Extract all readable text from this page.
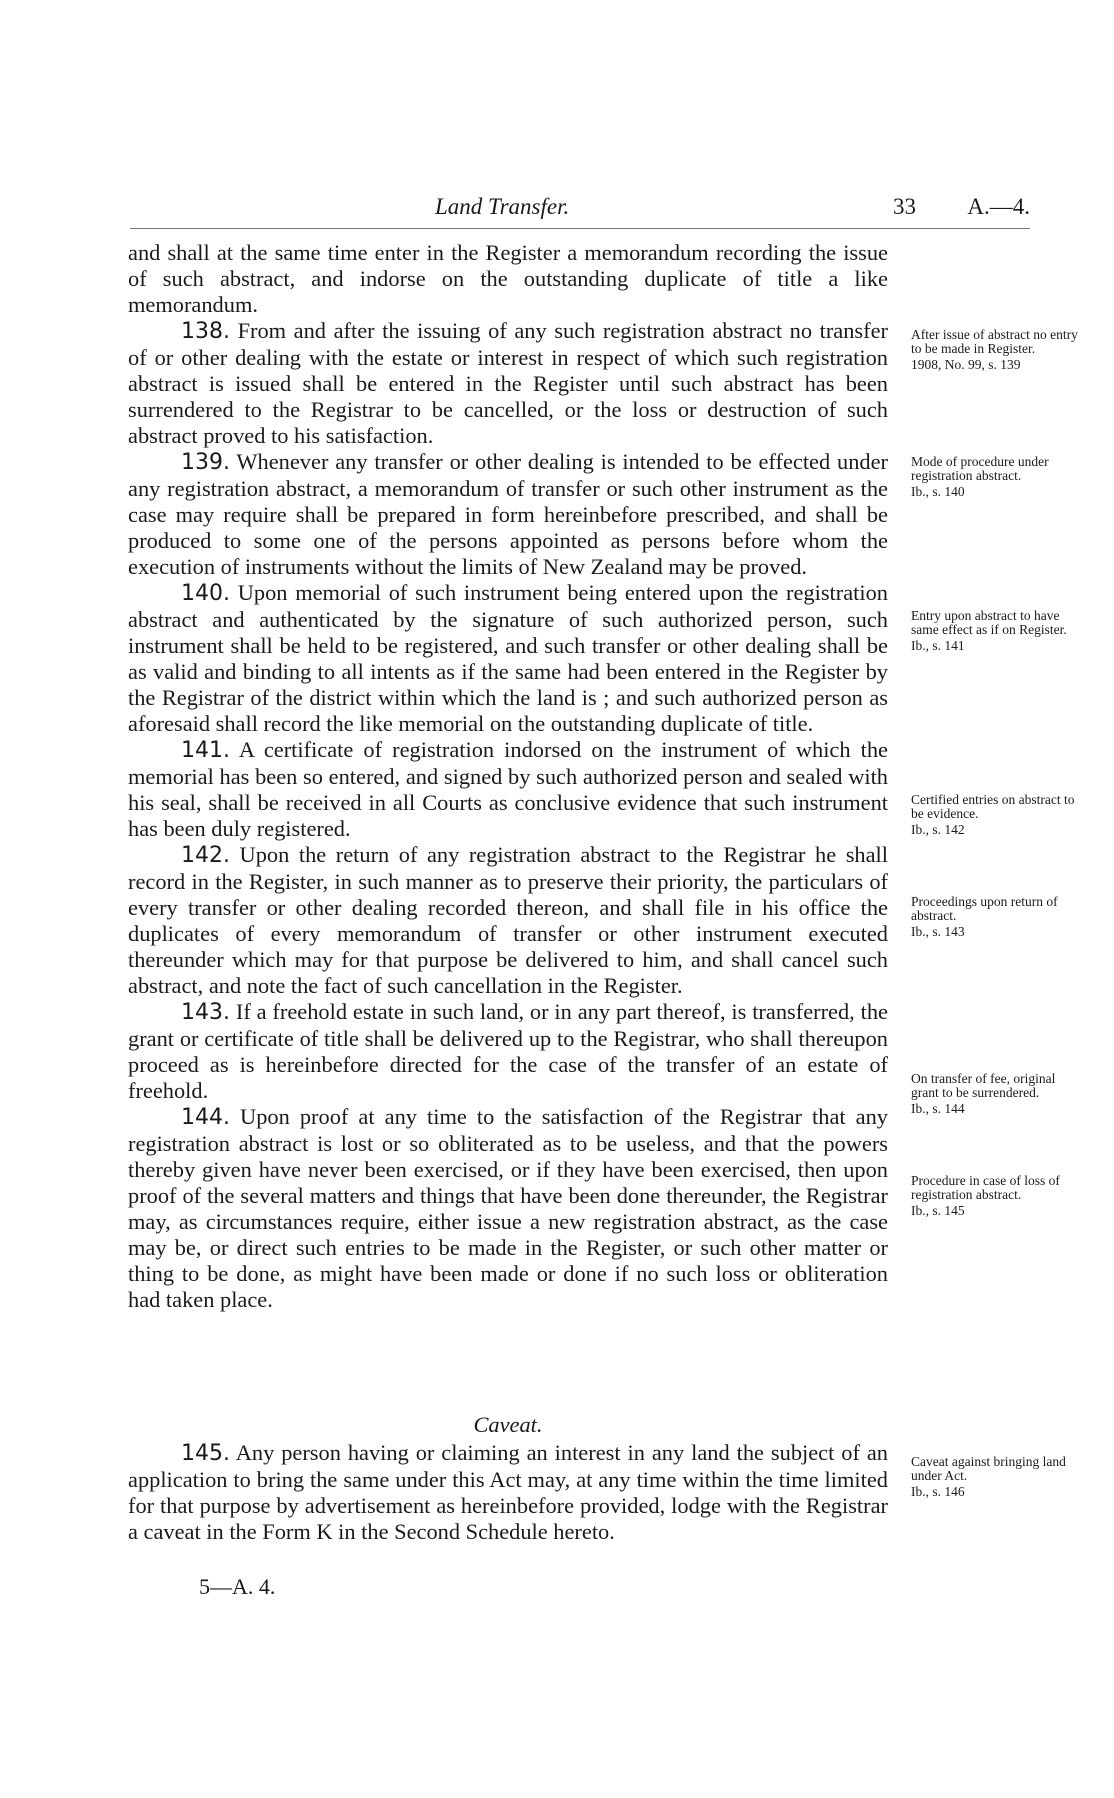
Land Transfer.	33 A.—4.

and shall at the same time enter in the Register a memorandum recording the issue of such abstract, and indorse on the outstanding duplicate of title a like memorandum.

138. From and after the issuing of any such registration abstract no transfer of or other dealing with the estate or interest in respect of which such registration abstract is issued shall be entered in the Register until such abstract has been surrendered to the Registrar to be cancelled, or the loss or destruction of such abstract proved to his satisfaction.

139. Whenever any transfer or other dealing is intended to be effected under any registration abstract, a memorandum of transfer or such other instrument as the case may require shall be prepared in form hereinbefore prescribed, and shall be produced to some one of the persons appointed as persons before whom the execution of instruments without the limits of New Zealand may be proved.

140. Upon memorial of such instrument being entered upon the registration abstract and authenticated by the signature of such authorized person, such instrument shall be held to be registered, and such transfer or other dealing shall be as valid and binding to all intents as if the same had been entered in the Register by the Registrar of the district within which the land is ; and such authorized person as aforesaid shall record the like memorial on the outstanding duplicate of title.

141. A certificate of registration indorsed on the instrument of which the memorial has been so entered, and signed by such authorized person and sealed with his seal, shall be received in all Courts as conclusive evidence that such instrument has been duly registered.

142. Upon the return of any registration abstract to the Registrar he shall record in the Register, in such manner as to preserve their priority, the particulars of every transfer or other dealing recorded thereon, and shall file in his office the duplicates of every memorandum of transfer or other instrument executed thereunder which may for that purpose be delivered to him, and shall cancel such abstract, and note the fact of such cancellation in the Register.

143. If a freehold estate in such land, or in any part thereof, is transferred, the grant or certificate of title shall be delivered up to the Registrar, who shall thereupon proceed as is hereinbefore directed for the case of the transfer of an estate of freehold.

144. Upon proof at any time to the satisfaction of the Registrar that any registration abstract is lost or so obliterated as to be useless, and that the powers thereby given have never been exercised, or if they have been exercised, then upon proof of the several matters and things that have been done thereunder, the Registrar may, as circumstances require, either issue a new registration abstract, as the case may be, or direct such entries to be made in the Register, or such other matter or thing to be done, as might have been made or done if no such loss or obliteration had taken place.

Caveat.

145. Any person having or claiming an interest in any land the subject of an application to bring the same under this Act may, at any time within the time limited for that purpose by advertisement as hereinbefore provided, lodge with the Registrar a caveat in the Form K in the Second Schedule hereto.

After issue of abstract no entry to be made in Register.
1908, No. 99, s. 139
Mode of procedure under registration abstract.
Ib., s. 140
Entry upon abstract to have same effect as if on Register.
Ib., s. 141
Certified entries on abstract to be evidence.
Ib., s. 142
Proceedings upon return of abstract.
Ib., s. 143
On transfer of fee, original grant to be surrendered.
Ib., s. 144
Procedure in case of loss of registration abstract.
Ib., s. 145
Caveat against bringing land under Act.
Ib., s. 146
5—A. 4.
